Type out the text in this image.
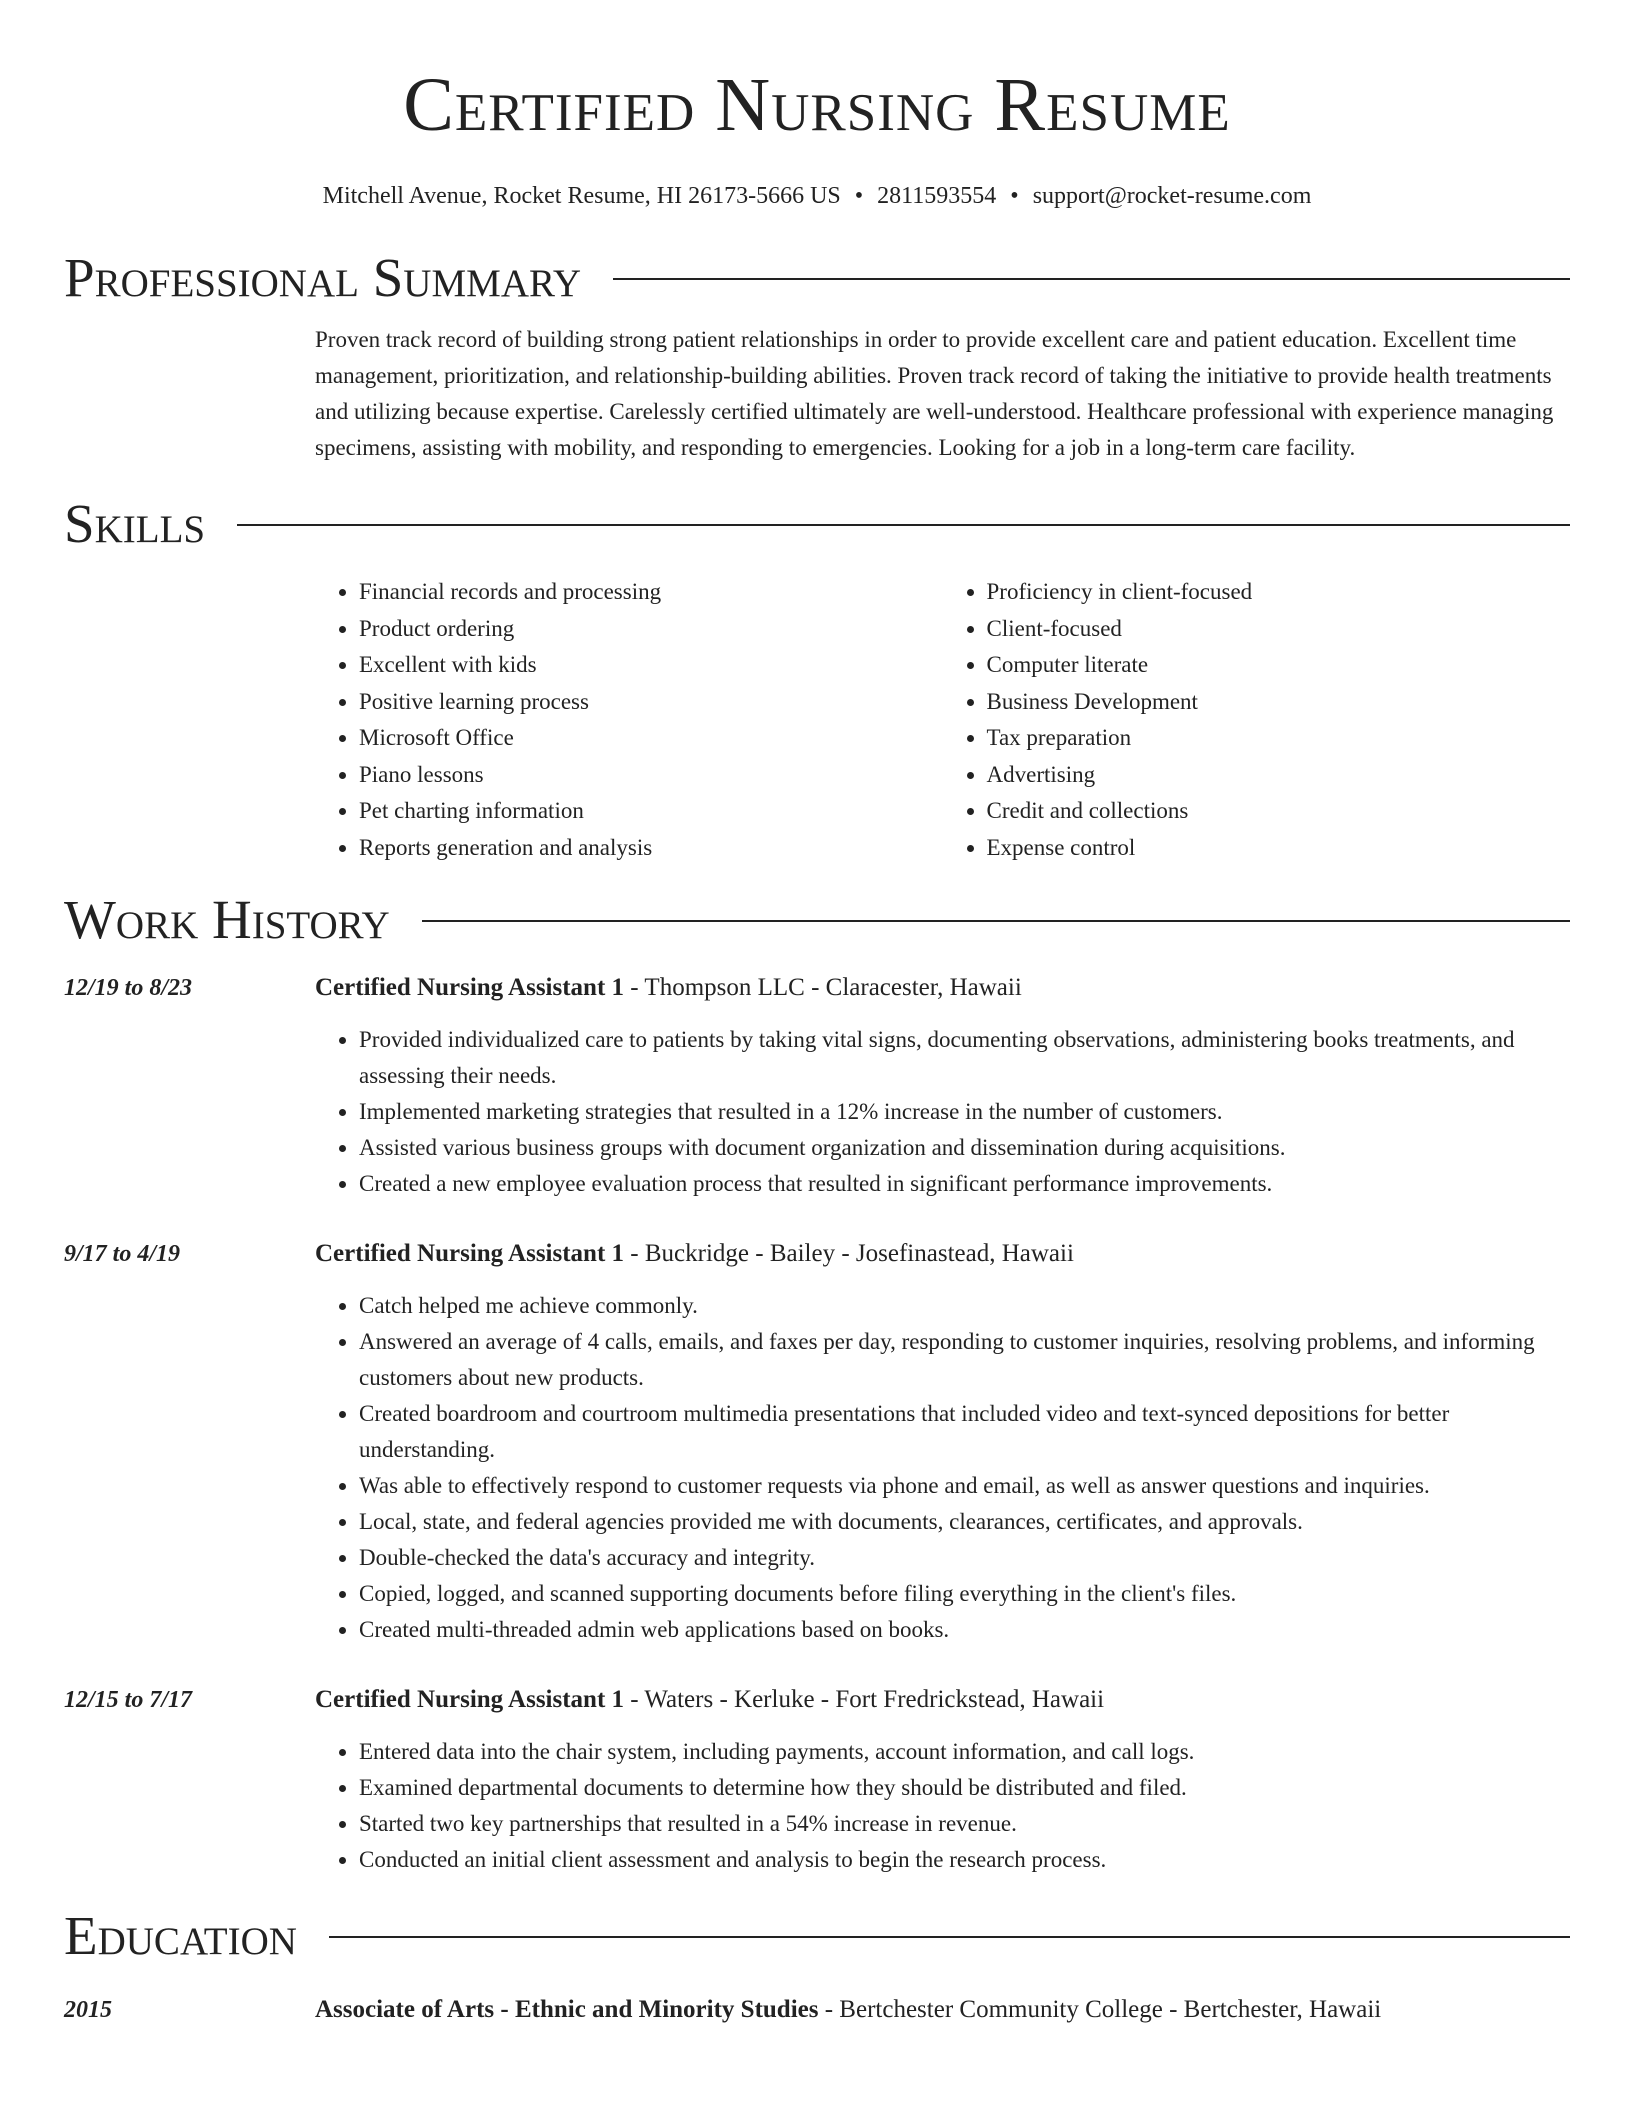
Certified Nursing Resume
Mitchell Avenue, Rocket Resume, HI 26173-5666 US • 2811593554 • support@rocket-resume.com
Professional Summary
Proven track record of building strong patient relationships in order to provide excellent care and patient education. Excellent time management, prioritization, and relationship-building abilities. Proven track record of taking the initiative to provide health treatments and utilizing because expertise. Carelessly certified ultimately are well-understood. Healthcare professional with experience managing specimens, assisting with mobility, and responding to emergencies. Looking for a job in a long-term care facility.
Skills
• Financial records and processing
• Product ordering
• Excellent with kids
• Positive learning process
• Microsoft Office
• Piano lessons
• Pet charting information
• Reports generation and analysis
• Proficiency in client-focused
• Client-focused
• Computer literate
• Business Development
• Tax preparation
• Advertising
• Credit and collections
• Expense control
Work History
12/19 to 8/23	Certified Nursing Assistant 1 - Thompson LLC - Claracester, Hawaii
• Provided individualized care to patients by taking vital signs, documenting observations, administering books treatments, and assessing their needs.
• Implemented marketing strategies that resulted in a 12% increase in the number of customers.
• Assisted various business groups with document organization and dissemination during acquisitions.
• Created a new employee evaluation process that resulted in significant performance improvements.
9/17 to 4/19	Certified Nursing Assistant 1 - Buckridge - Bailey - Josefinastead, Hawaii
• Catch helped me achieve commonly.
• Answered an average of 4 calls, emails, and faxes per day, responding to customer inquiries, resolving problems, and informing customers about new products.
• Created boardroom and courtroom multimedia presentations that included video and text-synced depositions for better understanding.
• Was able to effectively respond to customer requests via phone and email, as well as answer questions and inquiries.
• Local, state, and federal agencies provided me with documents, clearances, certificates, and approvals.
• Double-checked the data's accuracy and integrity.
• Copied, logged, and scanned supporting documents before filing everything in the client's files.
• Created multi-threaded admin web applications based on books.
12/15 to 7/17	Certified Nursing Assistant 1 - Waters - Kerluke - Fort Fredrickstead, Hawaii
• Entered data into the chair system, including payments, account information, and call logs.
• Examined departmental documents to determine how they should be distributed and filed.
• Started two key partnerships that resulted in a 54% increase in revenue.
• Conducted an initial client assessment and analysis to begin the research process.
Education
2015	Associate of Arts - Ethnic and Minority Studies - Bertchester Community College - Bertchester, Hawaii
